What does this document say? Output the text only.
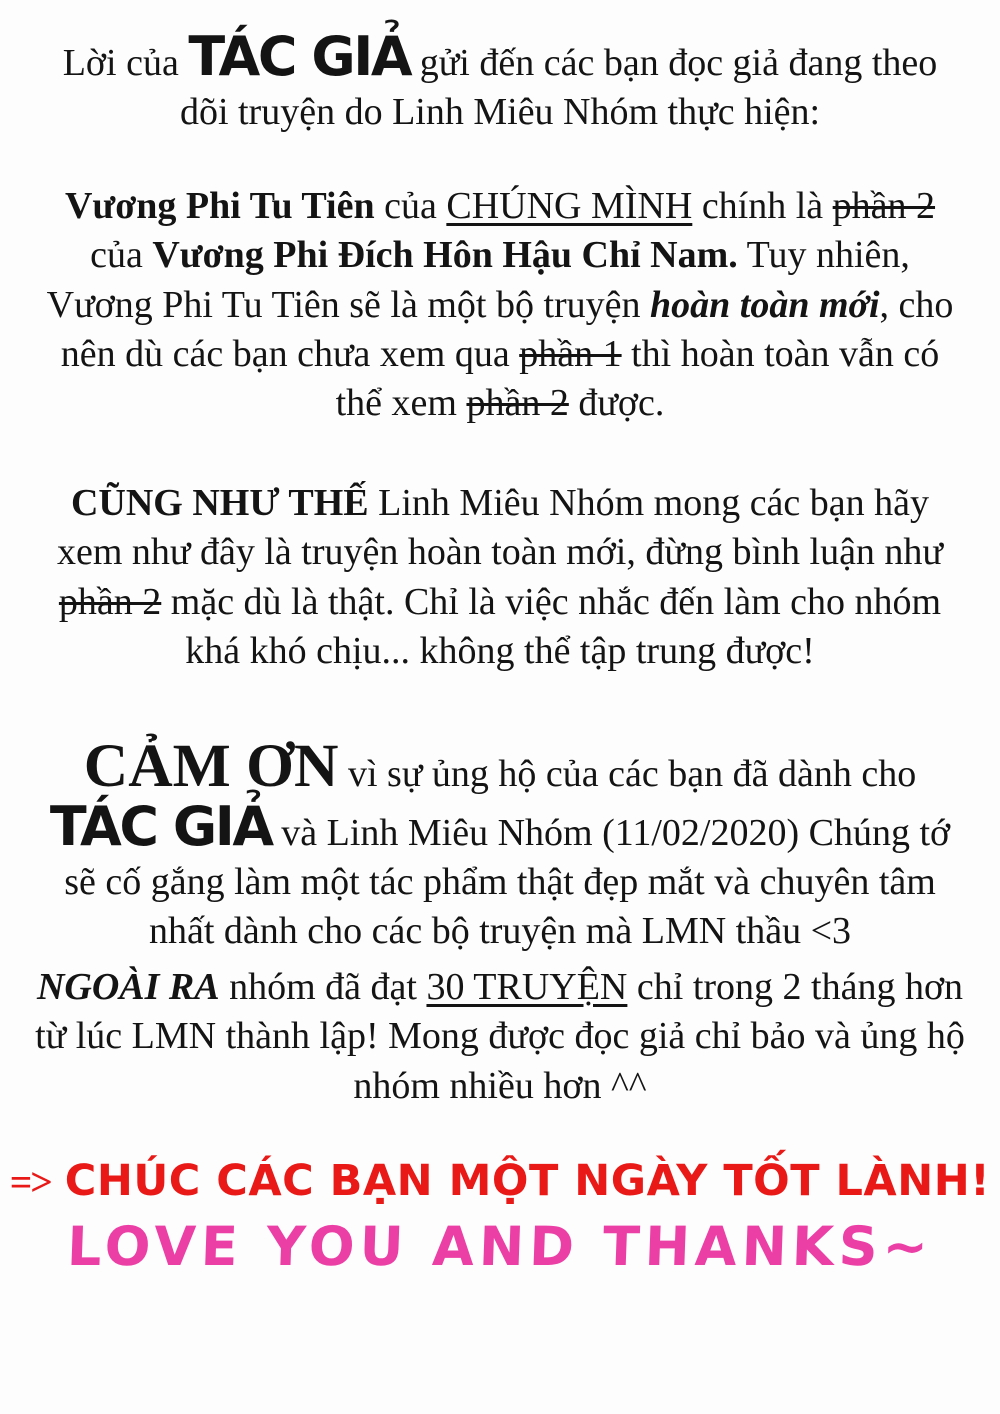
Lời của TÁC GIẢ gửi đến các bạn đọc giả đang theo dõi truyện do Linh Miêu Nhóm thực hiện:

Vương Phi Tu Tiên của CHÚNG MÌNH chính là phần 2 của Vương Phi Đích Hôn Hậu Chỉ Nam. Tuy nhiên, Vương Phi Tu Tiên sẽ là một bộ truyện hoàn toàn mới, cho nên dù các bạn chưa xem qua phần 1 thì hoàn toàn vẫn có thể xem phần 2 được.

CŨNG NHƯ THẾ Linh Miêu Nhóm mong các bạn hãy xem như đây là truyện hoàn toàn mới, đừng bình luận như phần 2 mặc dù là thật. Chỉ là việc nhắc đến làm cho nhóm khá khó chịu... không thể tập trung được!

CẢM ƠN vì sự ủng hộ của các bạn đã dành cho TÁC GIẢ và Linh Miêu Nhóm (11/02/2020) Chúng tớ sẽ cố gắng làm một tác phẩm thật đẹp mắt và chuyên tâm nhất dành cho các bộ truyện mà LMN thầu <3

NGOÀI RA nhóm đã đạt 30 TRUYỆN chỉ trong 2 tháng hơn từ lúc LMN thành lập! Mong được đọc giả chỉ bảo và ủng hộ nhóm nhiều hơn ^^

=> CHÚC CÁC BẠN MỘT NGÀY TỐT LÀNH!
LOVE YOU AND THANKS~
